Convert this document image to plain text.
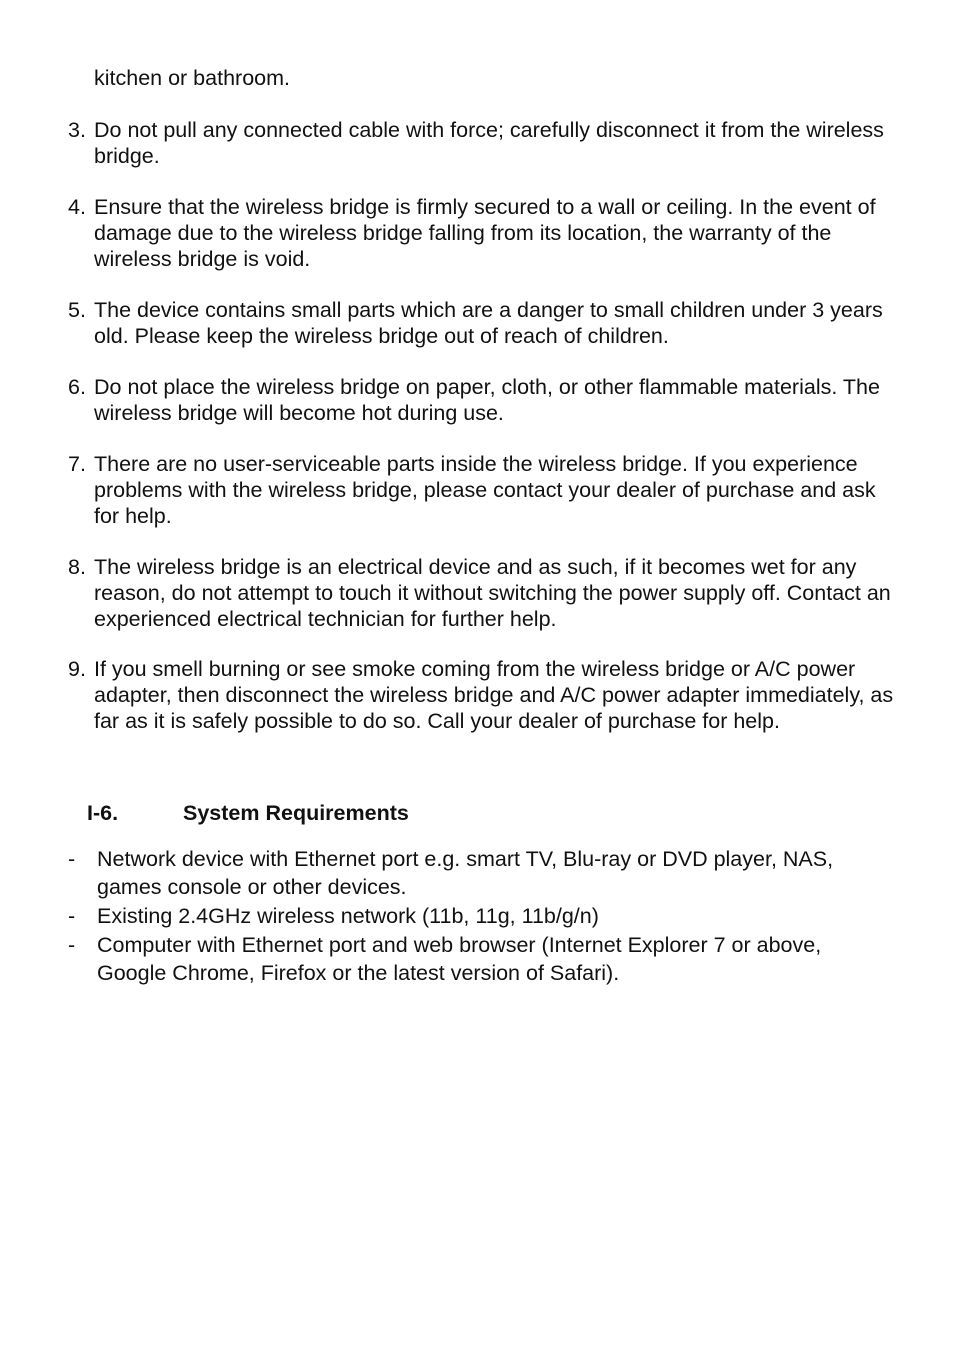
kitchen or bathroom.
3. Do not pull any connected cable with force; carefully disconnect it from the wireless bridge.
4. Ensure that the wireless bridge is firmly secured to a wall or ceiling. In the event of damage due to the wireless bridge falling from its location, the warranty of the wireless bridge is void.
5. The device contains small parts which are a danger to small children under 3 years old. Please keep the wireless bridge out of reach of children.
6. Do not place the wireless bridge on paper, cloth, or other flammable materials. The wireless bridge will become hot during use.
7. There are no user-serviceable parts inside the wireless bridge. If you experience problems with the wireless bridge, please contact your dealer of purchase and ask for help.
8. The wireless bridge is an electrical device and as such, if it becomes wet for any reason, do not attempt to touch it without switching the power supply off. Contact an experienced electrical technician for further help.
9. If you smell burning or see smoke coming from the wireless bridge or A/C power adapter, then disconnect the wireless bridge and A/C power adapter immediately, as far as it is safely possible to do so. Call your dealer of purchase for help.
I-6.	System Requirements
-	Network device with Ethernet port e.g. smart TV, Blu-ray or DVD player, NAS, games console or other devices.
-	Existing 2.4GHz wireless network (11b, 11g, 11b/g/n)
-	Computer with Ethernet port and web browser (Internet Explorer 7 or above, Google Chrome, Firefox or the latest version of Safari).
